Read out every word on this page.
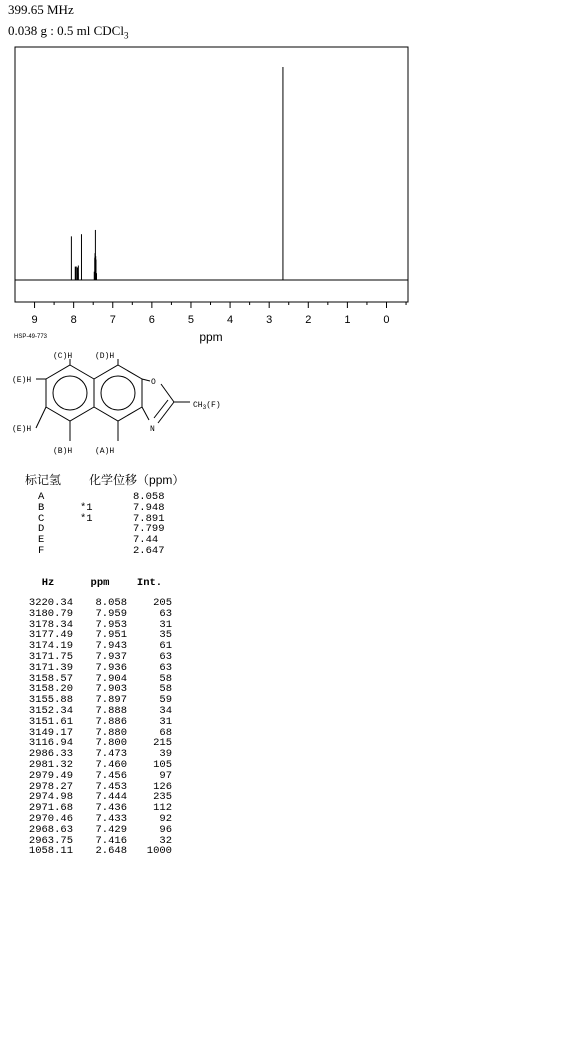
399.65 MHz
0.038 g : 0.5 ml CDCl$_3$
9	8	7	6	5	4	3	2	1	0
ppm
HSP-49-773
(C)H	(D)H
(E)H
(E)H
(B)H	(A)H
O
N
$CH_3(F)$
标记氢 化学位移（ppm）
A		8.058
B	*1	7.948
C	*1	7.891
D		7.799
E		7.44
F		2.647
Hz	ppm	Int.
3220.34	8.058	205
3180.79	7.959	63
3178.34	7.953	31
3177.49	7.951	35
3174.19	7.943	61
3171.75	7.937	63
3171.39	7.936	63
3158.57	7.904	58
3158.20	7.903	58
3155.88	7.897	59
3152.34	7.888	34
3151.61	7.886	31
3149.17	7.880	68
3116.94	7.800	215
2986.33	7.473	39
2981.32	7.460	105
2979.49	7.456	97
2978.27	7.453	126
2974.98	7.444	235
2971.68	7.436	112
2970.46	7.433	92
2968.63	7.429	96
2963.75	7.416	32
1058.11	2.648	1000
